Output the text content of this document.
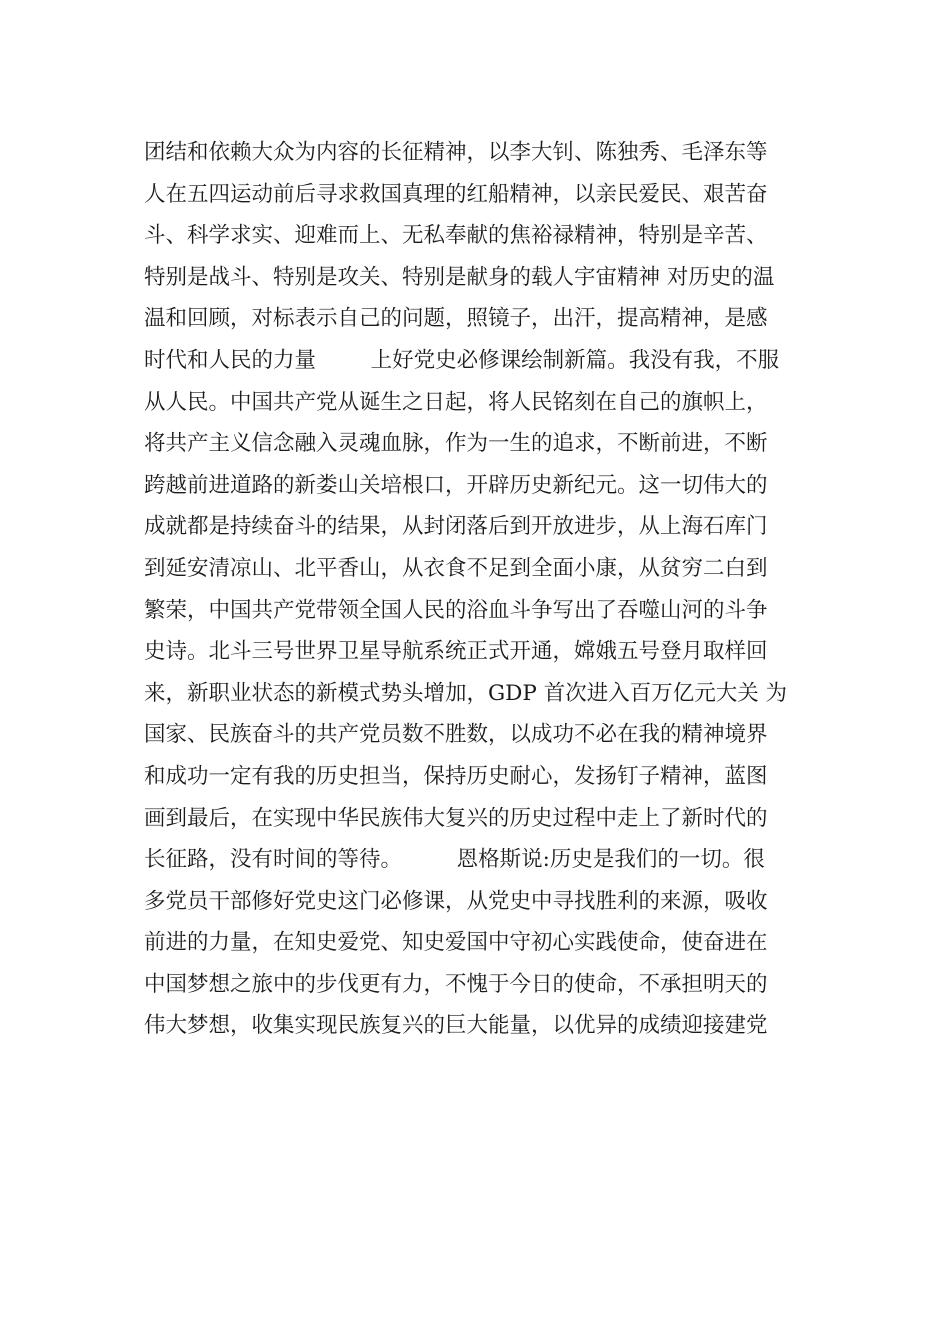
团结和依赖大众为内容的长征精神，以李大钊、陈独秀、毛泽东等
人在五四运动前后寻求救国真理的红船精神，以亲民爱民、艰苦奋
斗、科学求实、迎难而上、无私奉献的焦裕禄精神，特别是辛苦、
特别是战斗、特别是攻关、特别是献身的载人宇宙精神 对历史的温
温和回顾，对标表示自己的问题，照镜子，出汗，提高精神，是感
时代和人民的力量        上好党史必修课绘制新篇。我没有我，不服
从人民。中国共产党从诞生之日起，将人民铭刻在自己的旗帜上，
将共产主义信念融入灵魂血脉，作为一生的追求，不断前进，不断
跨越前进道路的新娄山关培根口，开辟历史新纪元。这一切伟大的
成就都是持续奋斗的结果，从封闭落后到开放进步，从上海石库门
到延安清凉山、北平香山，从衣食不足到全面小康，从贫穷二白到
繁荣，中国共产党带领全国人民的浴血斗争写出了吞噬山河的斗争
史诗。北斗三号世界卫星导航系统正式开通，嫦娥五号登月取样回
来，新职业状态的新模式势头增加，GDP 首次进入百万亿元大关 为
国家、民族奋斗的共产党员数不胜数，以成功不必在我的精神境界
和成功一定有我的历史担当，保持历史耐心，发扬钉子精神，蓝图
画到最后，在实现中华民族伟大复兴的历史过程中走上了新时代的
长征路，没有时间的等待。        恩格斯说:历史是我们的一切。很
多党员干部修好党史这门必修课，从党史中寻找胜利的来源，吸收
前进的力量，在知史爱党、知史爱国中守初心实践使命，使奋进在
中国梦想之旅中的步伐更有力，不愧于今日的使命，不承担明天的
伟大梦想，收集实现民族复兴的巨大能量，以优异的成绩迎接建党
